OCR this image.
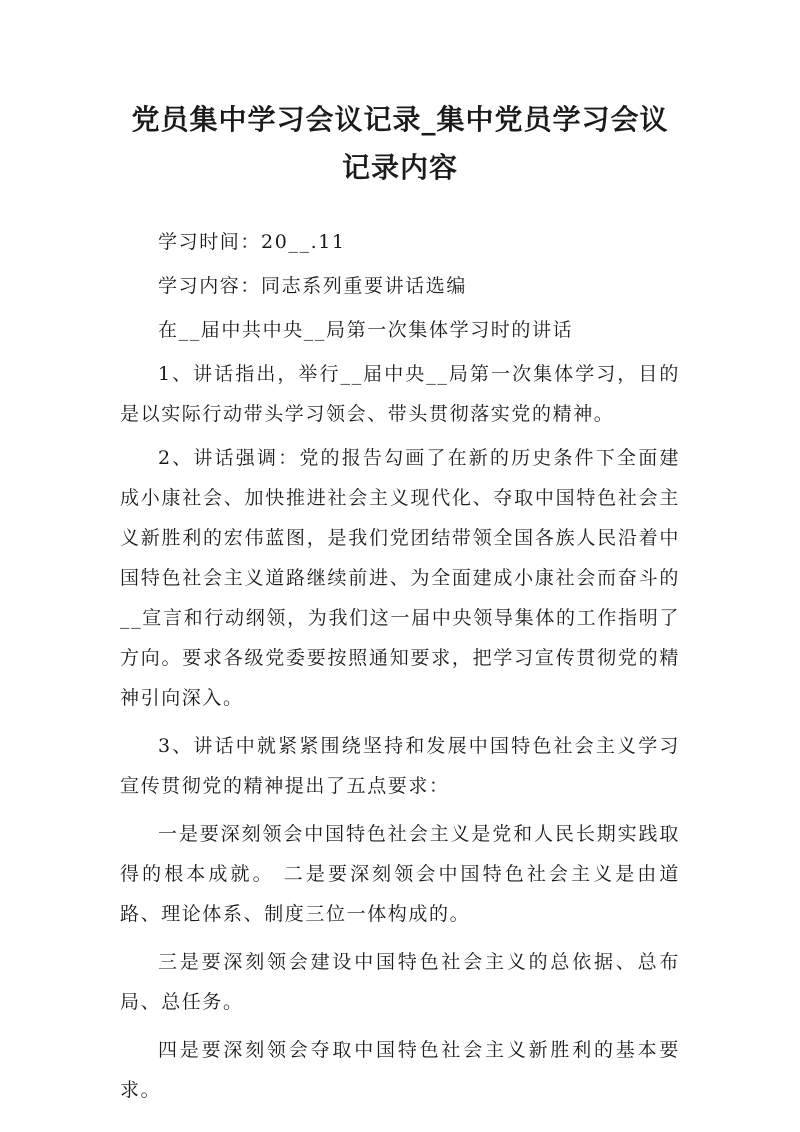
党员集中学习会议记录_集中党员学习会议
记录内容

学习时间：20__.11

学习内容：同志系列重要讲话选编

在__届中共中央__局第一次集体学习时的讲话

1、讲话指出，举行__届中央__局第一次集体学习，目的是以实际行动带头学习领会、带头贯彻落实党的精神。

2、讲话强调：党的报告勾画了在新的历史条件下全面建成小康社会、加快推进社会主义现代化、夺取中国特色社会主义新胜利的宏伟蓝图，是我们党团结带领全国各族人民沿着中国特色社会主义道路继续前进、为全面建成小康社会而奋斗的__宣言和行动纲领，为我们这一届中央领导集体的工作指明了方向。要求各级党委要按照通知要求，把学习宣传贯彻党的精神引向深入。

3、讲话中就紧紧围绕坚持和发展中国特色社会主义学习宣传贯彻党的精神提出了五点要求：

一是要深刻领会中国特色社会主义是党和人民长期实践取得的根本成就。 二是要深刻领会中国特色社会主义是由道路、理论体系、制度三位一体构成的。

三是要深刻领会建设中国特色社会主义的总依据、总布局、总任务。

四是要深刻领会夺取中国特色社会主义新胜利的基本要求。
